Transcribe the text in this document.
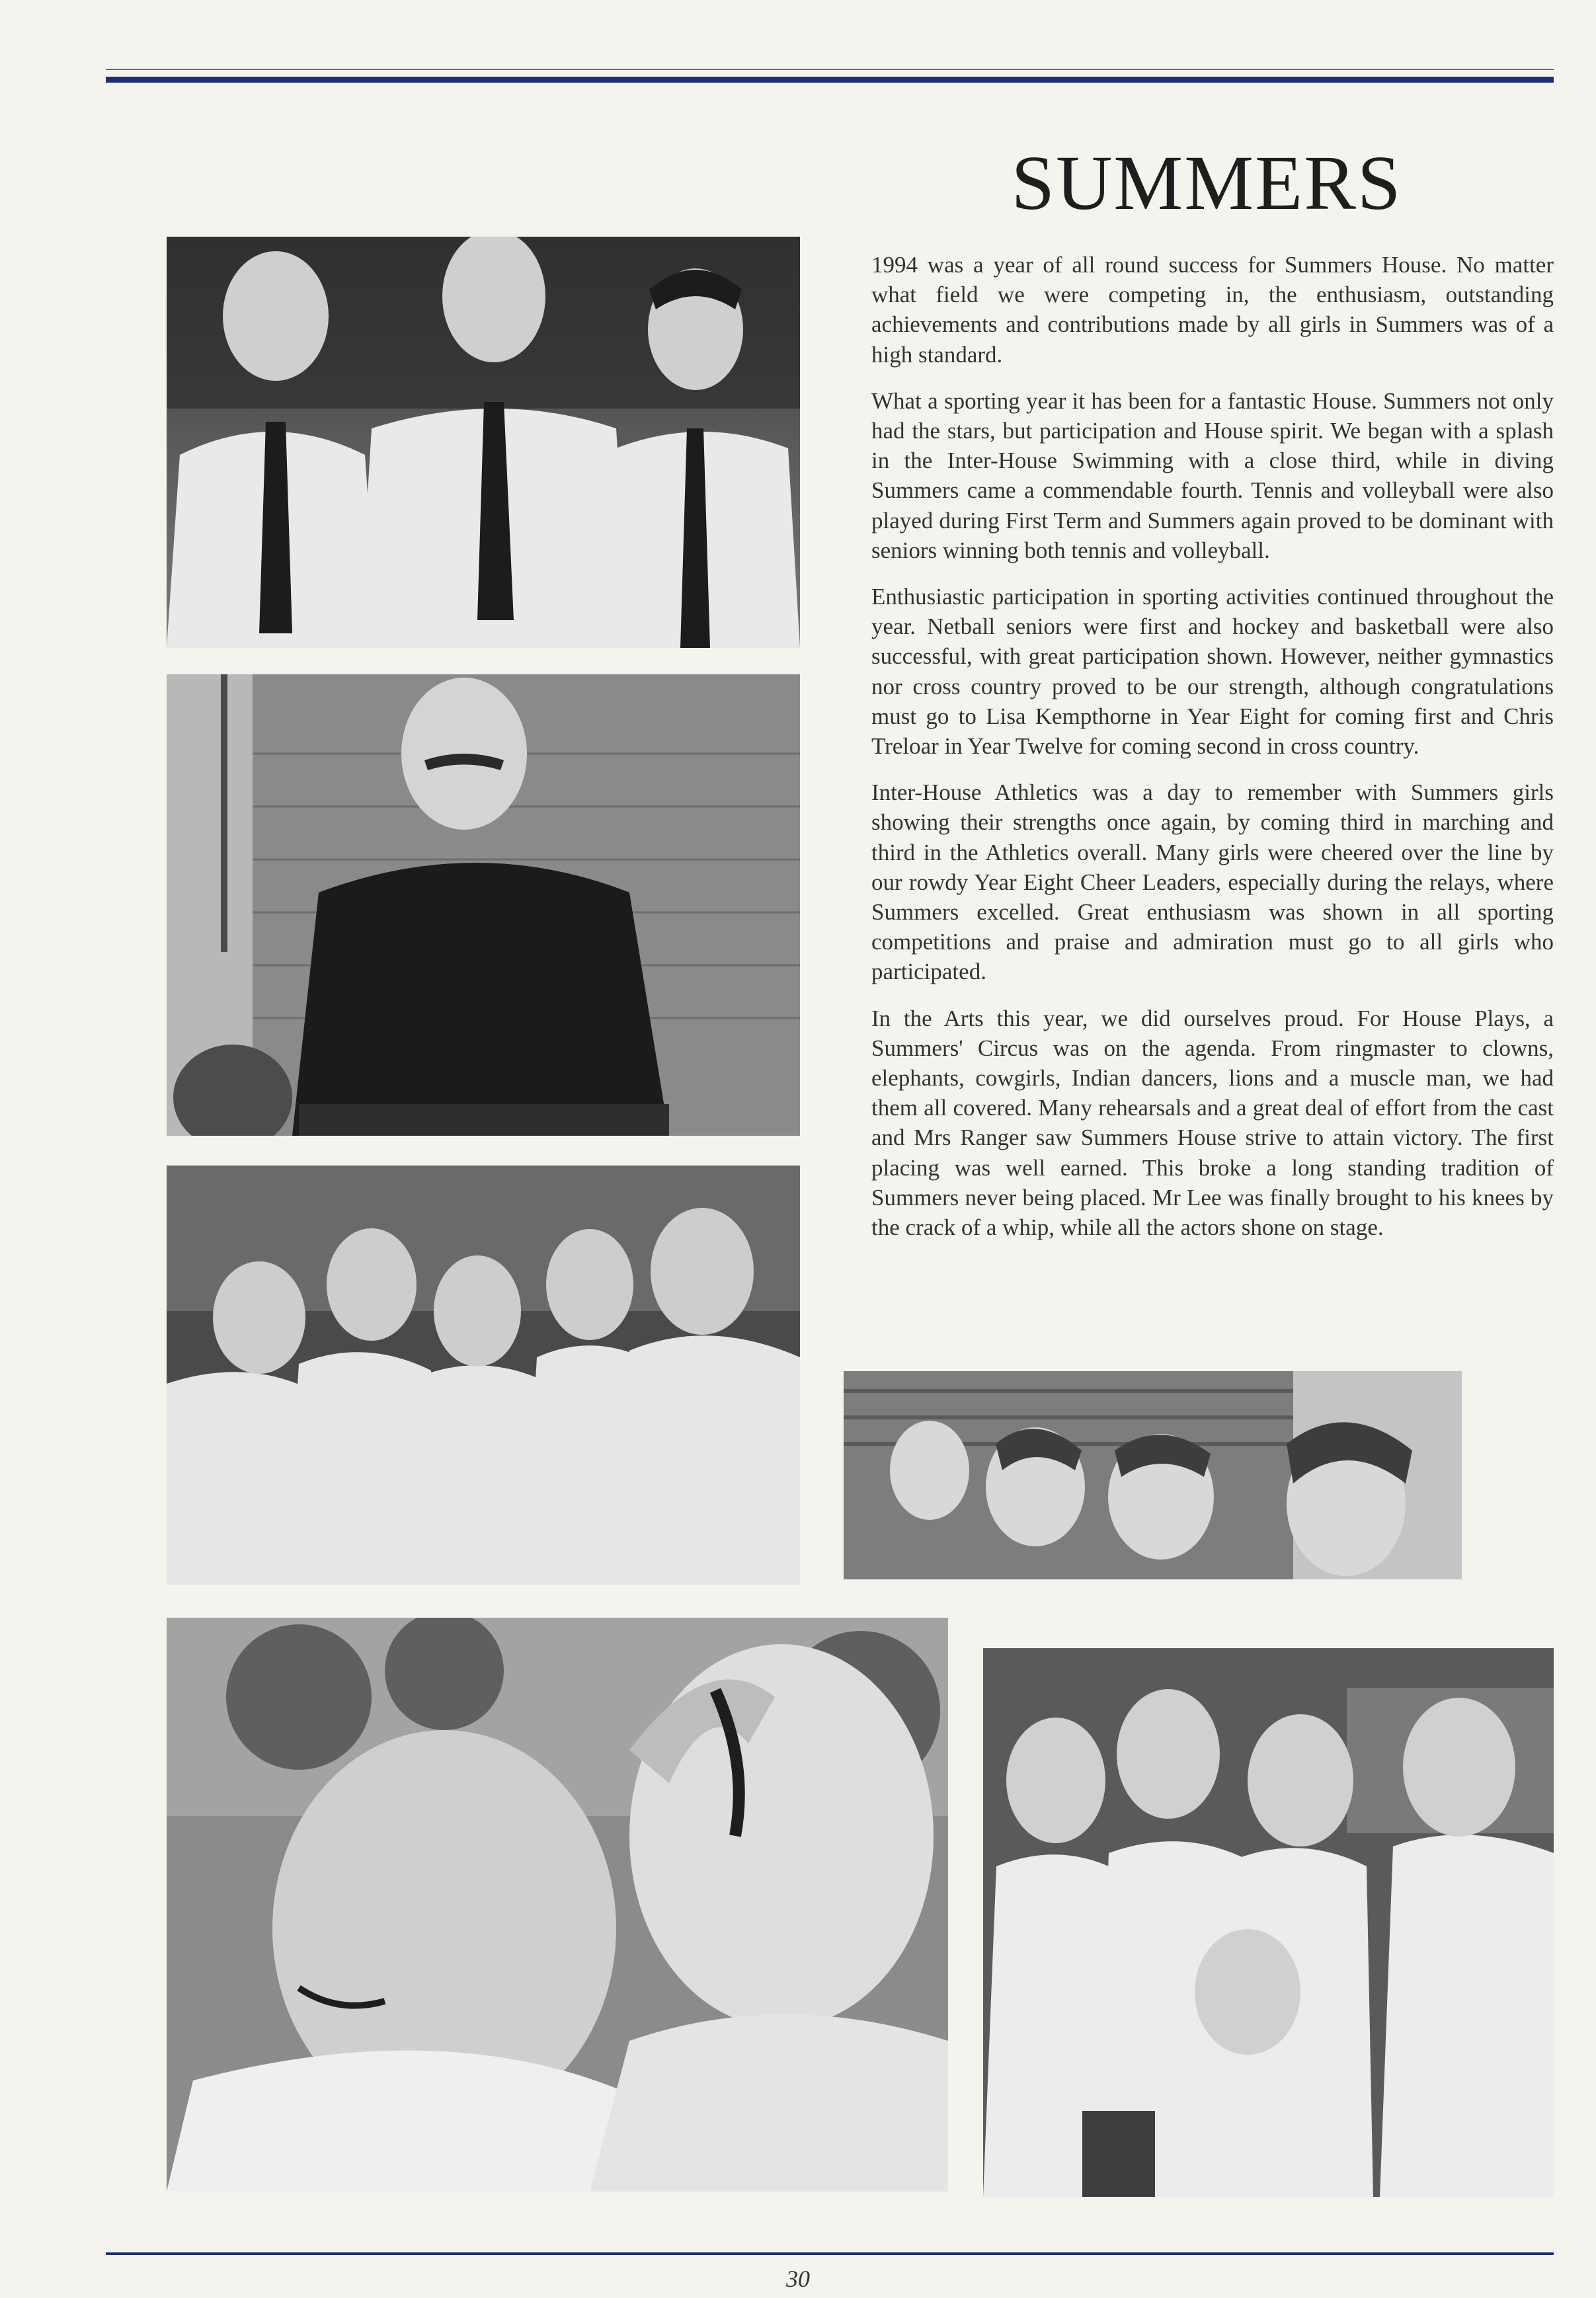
SUMMERS

1994 was a year of all round success for Summers House. No matter what field we were competing in, the enthusiasm, outstanding achievements and contributions made by all girls in Summers was of a high standard.

What a sporting year it has been for a fantastic House. Summers not only had the stars, but participation and House spirit. We began with a splash in the Inter-House Swimming with a close third, while in diving Summers came a commendable fourth. Tennis and volleyball were also played during First Term and Summers again proved to be dominant with seniors winning both tennis and volleyball.

Enthusiastic participation in sporting activities continued throughout the year. Netball seniors were first and hockey and basketball were also successful, with great participation shown. However, neither gymnastics nor cross country proved to be our strength, although congratulations must go to Lisa Kempthorne in Year Eight for coming first and Chris Treloar in Year Twelve for coming second in cross country.

Inter-House Athletics was a day to remember with Summers girls showing their strengths once again, by coming third in marching and third in the Athletics overall. Many girls were cheered over the line by our rowdy Year Eight Cheer Leaders, especially during the relays, where Summers excelled. Great enthusiasm was shown in all sporting competitions and praise and admiration must go to all girls who participated.

In the Arts this year, we did ourselves proud. For House Plays, a Summers' Circus was on the agenda. From ringmaster to clowns, elephants, cowgirls, Indian dancers, lions and a muscle man, we had them all covered. Many rehearsals and a great deal of effort from the cast and Mrs Ranger saw Summers House strive to attain victory. The first placing was well earned. This broke a long standing tradition of Summers never being placed. Mr Lee was finally brought to his knees by the crack of a whip, while all the actors shone on stage.

30
